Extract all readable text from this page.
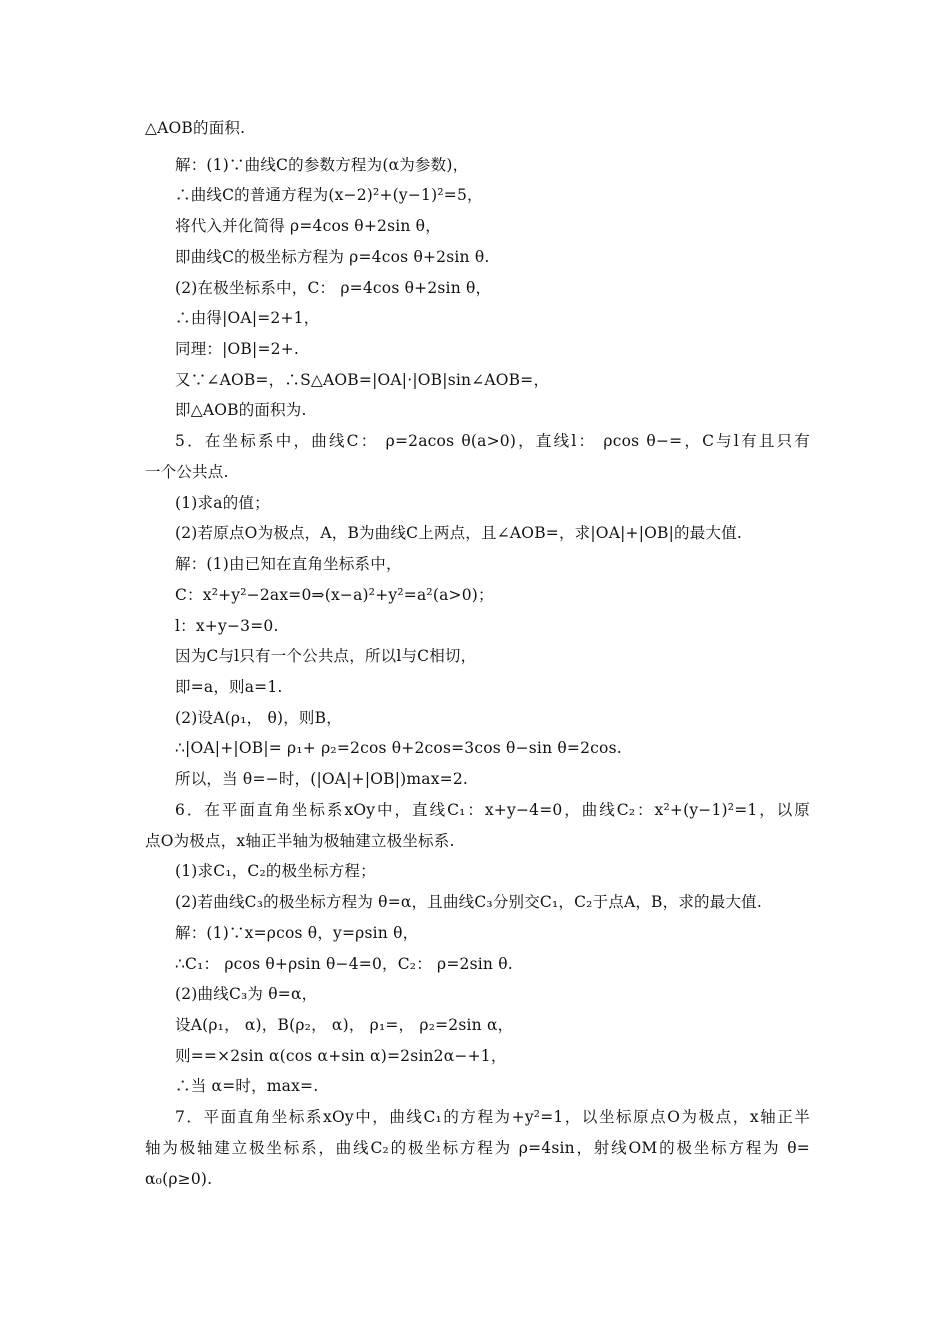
△AOB的面积.
解：(1)∵曲线C的参数方程为(α为参数)，
∴曲线C的普通方程为(x−2)²+(y−1)²=5，
将代入并化简得 ρ=4cos θ+2sin θ，
即曲线C的极坐标方程为 ρ=4cos θ+2sin θ.
(2)在极坐标系中，C： ρ=4cos θ+2sin θ，
∴由得|OA|=2+1，
同理：|OB|=2+.
又∵∠AOB=，∴S△AOB=|OA|·|OB|sin∠AOB=，
即△AOB的面积为.
5．在坐标系中，曲线C： ρ=2acos θ(a>0)，直线l： ρcos θ−=，C与l有且只有
一个公共点.
(1)求a的值；
(2)若原点O为极点，A，B为曲线C上两点，且∠AOB=，求|OA|+|OB|的最大值.
解：(1)由已知在直角坐标系中，
C：x²+y²−2ax=0⇒(x−a)²+y²=a²(a>0)；
l：x+y−3=0.
因为C与l只有一个公共点，所以l与C相切，
即=a，则a=1.
(2)设A(ρ₁， θ)，则B，
∴|OA|+|OB|= ρ₁+ ρ₂=2cos θ+2cos=3cos θ−sin θ=2cos.
所以，当 θ=−时，(|OA|+|OB|)max=2.
6．在平面直角坐标系xOy中，直线C₁：x+y−4=0，曲线C₂：x²+(y−1)²=1，以原
点O为极点，x轴正半轴为极轴建立极坐标系.
(1)求C₁，C₂的极坐标方程；
(2)若曲线C₃的极坐标方程为 θ=α，且曲线C₃分别交C₁，C₂于点A，B，求的最大值.
解：(1)∵x=ρcos θ，y=ρsin θ，
∴C₁： ρcos θ+ρsin θ−4=0，C₂： ρ=2sin θ.
(2)曲线C₃为 θ=α，
设A(ρ₁， α)，B(ρ₂， α)， ρ₁=， ρ₂=2sin α，
则==×2sin α(cos α+sin α)=2sin2α−+1，
∴当 α=时，max=.
7．平面直角坐标系xOy中，曲线C₁的方程为+y²=1，以坐标原点O为极点，x轴正半
轴为极轴建立极坐标系，曲线C₂的极坐标方程为 ρ=4sin，射线OM的极坐标方程为 θ=
α₀(ρ≥0).
